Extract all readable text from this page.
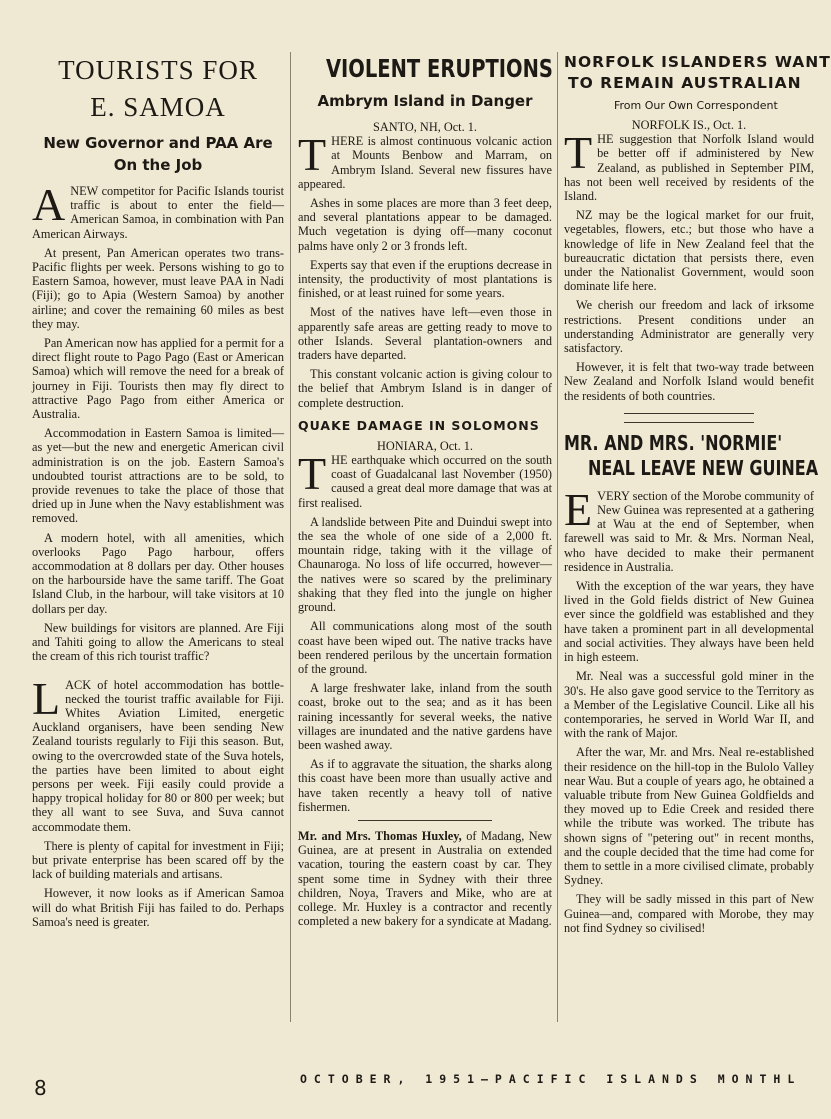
TOURISTS FOR
E. SAMOA
New Governor and PAA Are On the Job

ANEW competitor for Pacific Islands tourist traffic is about to enter the field—American Samoa, in combination with Pan American Airways.

At present, Pan American operates two trans-Pacific flights per week. Persons wishing to go to Eastern Samoa, however, must leave PAA in Nadi (Fiji); go to Apia (Western Samoa) by another airline; and cover the remaining 60 miles as best they may.

Pan American now has applied for a permit for a direct flight route to Pago Pago (East or American Samoa) which will remove the need for a break of journey in Fiji. Tourists then may fly direct to attractive Pago Pago from either America or Australia.

Accommodation in Eastern Samoa is limited—as yet—but the new and energetic American civil administration is on the job. Eastern Samoa's undoubted tourist attractions are to be sold, to provide revenues to take the place of those that dried up in June when the Navy establishment was removed.

A modern hotel, with all amenities, which overlooks Pago Pago harbour, offers accommodation at 8 dollars per day. Other houses on the harbourside have the same tariff. The Goat Island Club, in the harbour, will take visitors at 10 dollars per day.

New buildings for visitors are planned. Are Fiji and Tahiti going to allow the Americans to steal the cream of this rich tourist traffic?

LACK of hotel accommodation has bottle-necked the tourist traffic available for Fiji. Whites Aviation Limited, energetic Auckland organisers, have been sending New Zealand tourists regularly to Fiji this season. But, owing to the overcrowded state of the Suva hotels, the parties have been limited to about eight persons per week. Fiji easily could provide a happy tropical holiday for 80 or 800 per week; but they all want to see Suva, and Suva cannot accommodate them.

There is plenty of capital for investment in Fiji; but private enterprise has been scared off by the lack of building materials and artisans.

However, it now looks as if American Samoa will do what British Fiji has failed to do. Perhaps Samoa's need is greater.

VIOLENT ERUPTIONS
Ambrym Island in Danger

SANTO, NH, Oct. 1.

THERE is almost continuous volcanic action at Mounts Benbow and Marram, on Ambrym Island. Several new fissures have appeared.

Ashes in some places are more than 3 feet deep, and several plantations appear to be damaged. Much vegetation is dying off—many coconut palms have only 2 or 3 fronds left.

Experts say that even if the eruptions decrease in intensity, the productivity of most plantations is finished, or at least ruined for some years.

Most of the natives have left—even those in apparently safe areas are getting ready to move to other Islands. Several plantation-owners and traders have departed.

This constant volcanic action is giving colour to the belief that Ambrym Island is in danger of complete destruction.

QUAKE DAMAGE IN SOLOMONS

HONIARA, Oct. 1.

THE earthquake which occurred on the south coast of Guadalcanal last November (1950) caused a great deal more damage that was at first realised.

A landslide between Pite and Duindui swept into the sea the whole of one side of a 2,000 ft. mountain ridge, taking with it the village of Chaunaroga. No loss of life occurred, however—the natives were so scared by the preliminary shaking that they fled into the jungle on higher ground.

All communications along most of the south coast have been wiped out. The native tracks have been rendered perilous by the uncertain formation of the ground.

A large freshwater lake, inland from the south coast, broke out to the sea; and as it has been raining incessantly for several weeks, the native villages are inundated and the native gardens have been washed away.

As if to aggravate the situation, the sharks along this coast have been more than usually active and have taken recently a heavy toll of native fishermen.

Mr. and Mrs. Thomas Huxley, of Madang, New Guinea, are at present in Australia on extended vacation, touring the eastern coast by car. They spent some time in Sydney with their three children, Noya, Travers and Mike, who are at college. Mr. Huxley is a contractor and recently completed a new bakery for a syndicate at Madang.

NORFOLK ISLANDERS WANT
TO REMAIN AUSTRALIAN
From Our Own Correspondent

NORFOLK IS., Oct. 1.

THE suggestion that Norfolk Island would be better off if administered by New Zealand, as published in September PIM, has not been well received by residents of the Island.

NZ may be the logical market for our fruit, vegetables, flowers, etc.; but those who have a knowledge of life in New Zealand feel that the bureaucratic dictation that persists there, even under the Nationalist Government, would soon dominate life here.

We cherish our freedom and lack of irksome restrictions. Present conditions under an understanding Administrator are generally very satisfactory.

However, it is felt that two-way trade between New Zealand and Norfolk Island would benefit the residents of both countries.

MR. AND MRS. 'NORMIE'
NEAL LEAVE NEW GUINEA

EVERY section of the Morobe community of New Guinea was represented at a gathering at Wau at the end of September, when farewell was said to Mr. & Mrs. Norman Neal, who have decided to make their permanent residence in Australia.

With the exception of the war years, they have lived in the Gold fields district of New Guinea ever since the goldfield was established and they have taken a prominent part in all developmental and social activities. They always have been held in high esteem.

Mr. Neal was a successful gold miner in the 30's. He also gave good service to the Territory as a Member of the Legislative Council. Like all his contemporaries, he served in World War II, and with the rank of Major.

After the war, Mr. and Mrs. Neal re-established their residence on the hill-top in the Bulolo Valley near Wau. But a couple of years ago, he obtained a valuable tribute from New Guinea Goldfields and they moved up to Edie Creek and resided there while the tribute was worked. The tribute has shown signs of "petering out" in recent months, and the couple decided that the time had come for them to settle in a more civilised climate, probably Sydney.

They will be sadly missed in this part of New Guinea—and, compared with Morobe, they may not find Sydney so civilised!

8	OCTOBER, 1951—PACIFIC ISLANDS MONTHL
